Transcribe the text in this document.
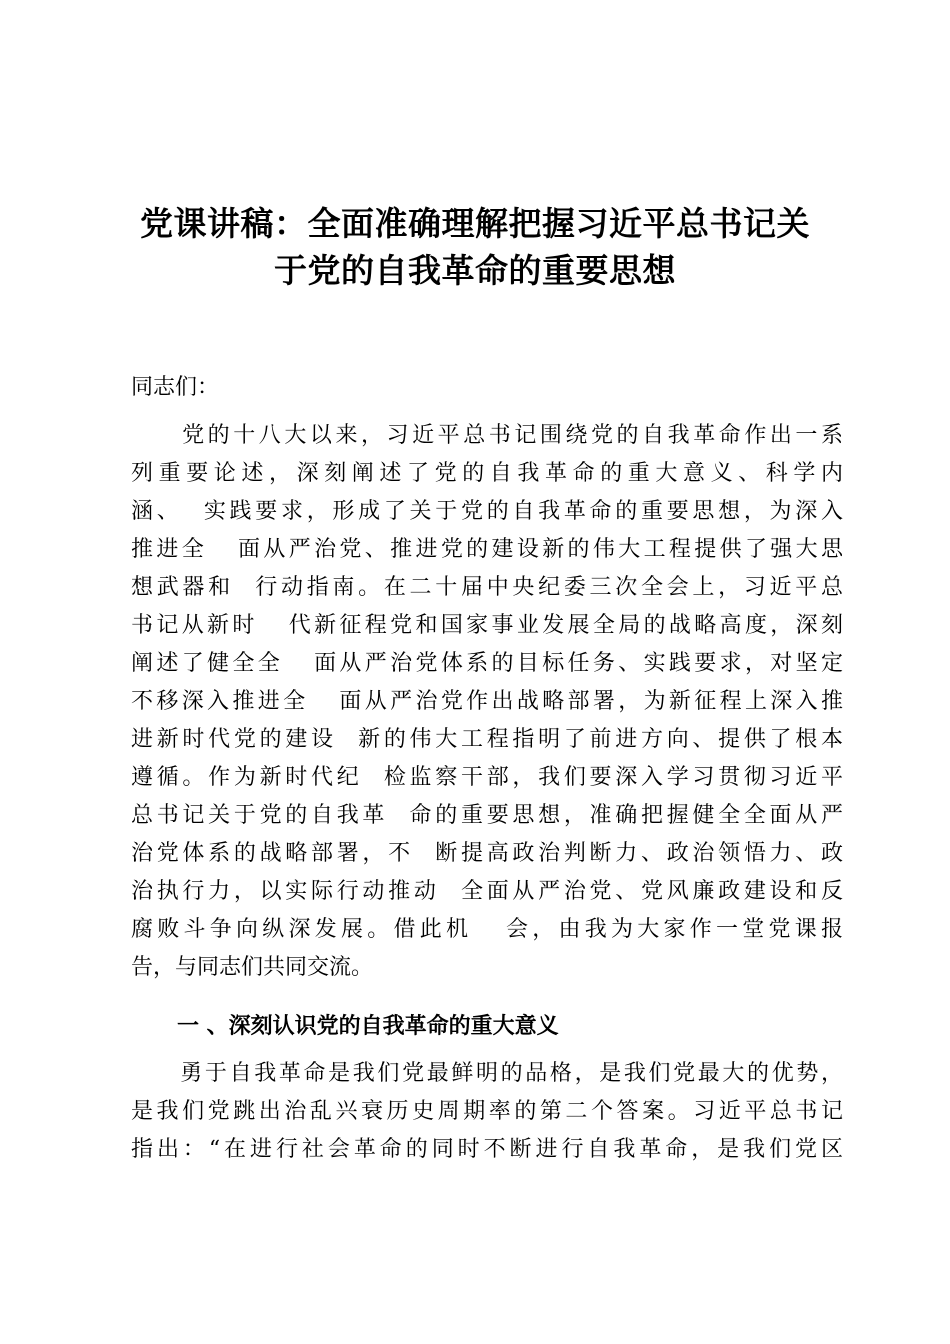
党课讲稿：全面准确理解把握习近平总书记关
于党的自我革命的重要思想

同志们：

　　党的十八大以来，习近平总书记围绕党的自我革命作出一系
列重要论述，深刻阐述了党的自我革命的重大意义、科学内
涵、  实践要求，形成了关于党的自我革命的重要思想，为深入
推进全   面从严治党、推进党的建设新的伟大工程提供了强大思
想武器和  行动指南。在二十届中央纪委三次全会上，习近平总
书记从新时   代新征程党和国家事业发展全局的战略高度，深刻
阐述了健全全   面从严治党体系的目标任务、实践要求，对坚定
不移深入推进全   面从严治党作出战略部署，为新征程上深入推
进新时代党的建设  新的伟大工程指明了前进方向、提供了根本
遵循。作为新时代纪  检监察干部，我们要深入学习贯彻习近平
总书记关于党的自我革  命的重要思想，准确把握健全全面从严
治党体系的战略部署，不  断提高政治判断力、政治领悟力、政
治执行力，以实际行动推动  全面从严治党、党风廉政建设和反
腐败斗争向纵深发展。借此机   会，由我为大家作一堂党课报
告，与同志们共同交流。
一 、深刻认识党的自我革命的重大意义
　　勇于自我革命是我们党最鲜明的品格，是我们党最大的优势，
是我们党跳出治乱兴衰历史周期率的第二个答案。习近平总书记
指出：“在进行社会革命的同时不断进行自我革命，是我们党区
